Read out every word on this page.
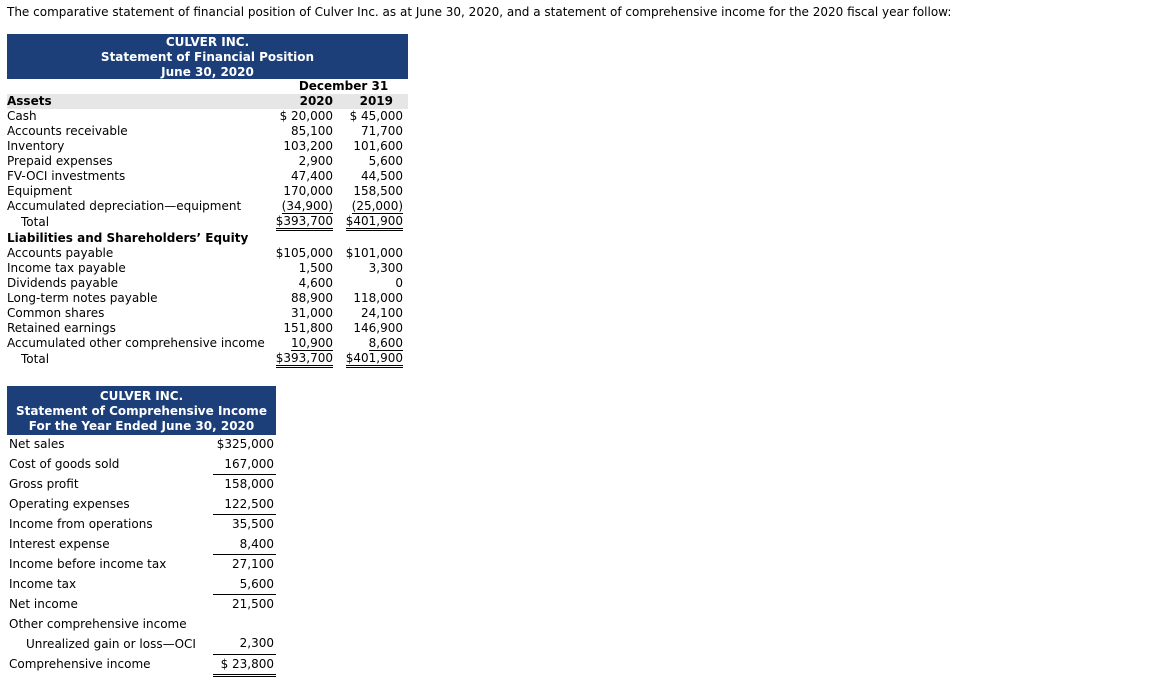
The comparative statement of financial position of Culver Inc. as at June 30, 2020, and a statement of comprehensive income for the 2020 fiscal year follow:
CULVER INC.
Statement of Financial Position
June 30, 2020
	December 31	
Assets	2020	2019
Cash	$ 20,000	$ 45,000
Accounts receivable	85,100	71,700
Inventory	103,200	101,600
Prepaid expenses	2,900	5,600
FV-OCI investments	47,400	44,500
Equipment	170,000	158,500
Accumulated depreciation—equipment	(34,900)	(25,000)
Total	$393,700	$401,900
Liabilities and Shareholders’ Equity		
Accounts payable	$105,000	$101,000
Income tax payable	1,500	3,300
Dividends payable	4,600	0
Long-term notes payable	88,900	118,000
Common shares	31,000	24,100
Retained earnings	151,800	146,900
Accumulated other comprehensive income	10,900	8,600
Total	$393,700	$401,900
CULVER INC.
Statement of Comprehensive Income
For the Year Ended June 30, 2020
Net sales	$325,000
Cost of goods sold	167,000
Gross profit	158,000
Operating expenses	122,500
Income from operations	35,500
Interest expense	8,400
Income before income tax	27,100
Income tax	5,600
Net income	21,500
Other comprehensive income	
Unrealized gain or loss—OCI	2,300
Comprehensive income	$ 23,800
